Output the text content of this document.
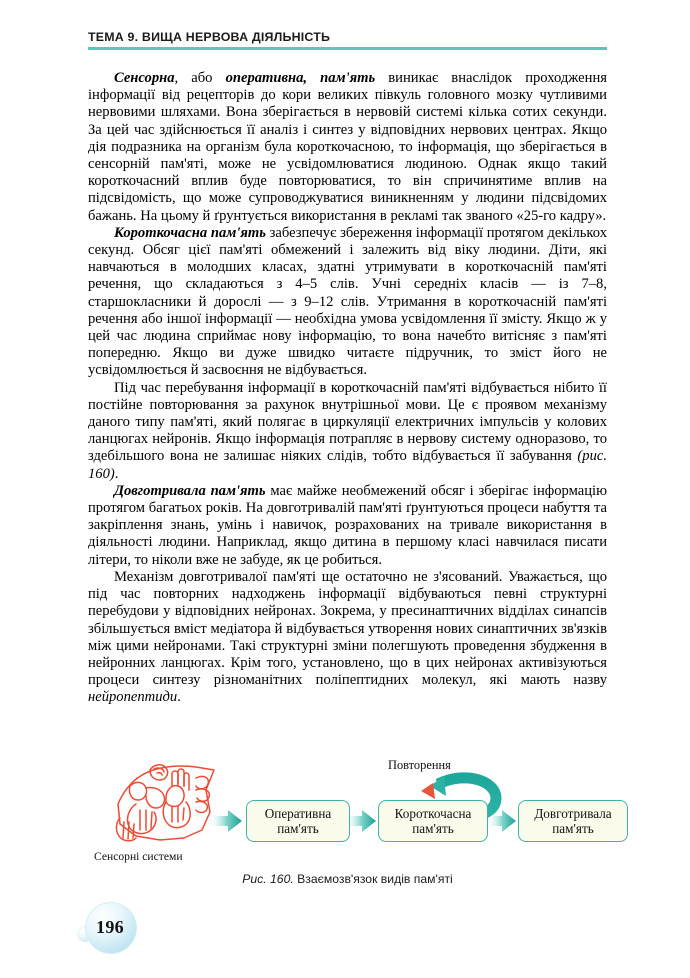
ТЕМА 9. ВИЩА НЕРВОВА ДІЯЛЬНІСТЬ

Сенсорна, або оперативна, пам'ять виникає внаслідок проходження інформації від рецепторів до кори великих півкуль головного мозку чутливими нервовими шляхами. Вона зберігається в нервовій системі кілька сотих секунди. За цей час здійснюється її аналіз і синтез у відповідних нервових центрах. Якщо дія подразника на організм була короткочасною, то інформація, що зберігається в сенсорній пам'яті, може не усвідомлюватися людиною. Однак якщо такий короткочасний вплив буде повторюватися, то він спричинятиме вплив на підсвідомість, що може супроводжуватися виникненням у людини підсвідомих бажань. На цьому й ґрунтується використання в рекламі так званого «25-го кадру».

Короткочасна пам'ять забезпечує збереження інформації протягом декількох секунд. Обсяг цієї пам'яті обмежений і залежить від віку людини. Діти, які навчаються в молодших класах, здатні утримувати в короткочасній пам'яті речення, що складаються з 4–5 слів. Учні середніх класів — із 7–8, старшокласники й дорослі — з 9–12 слів. Утримання в короткочасній пам'яті речення або іншої інформації — необхідна умова усвідомлення її змісту. Якщо ж у цей час людина сприймає нову інформацію, то вона начебто витісняє з пам'яті попередню. Якщо ви дуже швидко читаєте підручник, то зміст його не усвідомлюється й засвоєння не відбувається.

Під час перебування інформації в короткочасній пам'яті відбувається нібито її постійне повторювання за рахунок внутрішньої мови. Це є проявом механізму даного типу пам'яті, який полягає в циркуляції електричних імпульсів у колових ланцюгах нейронів. Якщо інформація потрапляє в нервову систему одноразово, то здебільшого вона не залишає ніяких слідів, тобто відбувається її забування (рис. 160).

Довготривала пам'ять має майже необмежений обсяг і зберігає інформацію протягом багатьох років. На довготривалій пам'яті ґрунтуються процеси набуття та закріплення знань, умінь і навичок, розрахованих на тривале використання в діяльності людини. Наприклад, якщо дитина в першому класі навчилася писати літери, то ніколи вже не забуде, як це робиться.

Механізм довготривалої пам'яті ще остаточно не з'ясований. Уважається, що під час повторних надходжень інформації відбуваються певні структурні перебудови у відповідних нейронах. Зокрема, у пресинаптичних відділах синапсів збільшується вміст медіатора й відбувається утворення нових синаптичних зв'язків між цими нейронами. Такі структурні зміни полегшують проведення збудження в нейронних ланцюгах. Крім того, установлено, що в цих нейронах активізуються процеси синтезу різноманітних поліпептидних молекул, які мають назву нейропептиди.

Сенсорні системи
Повторення
Оперативна
пам'ять
Короткочасна
пам'ять
Довготривала
пам'ять
Рис. 160. Взаємозв'язок видів пам'яті
196
